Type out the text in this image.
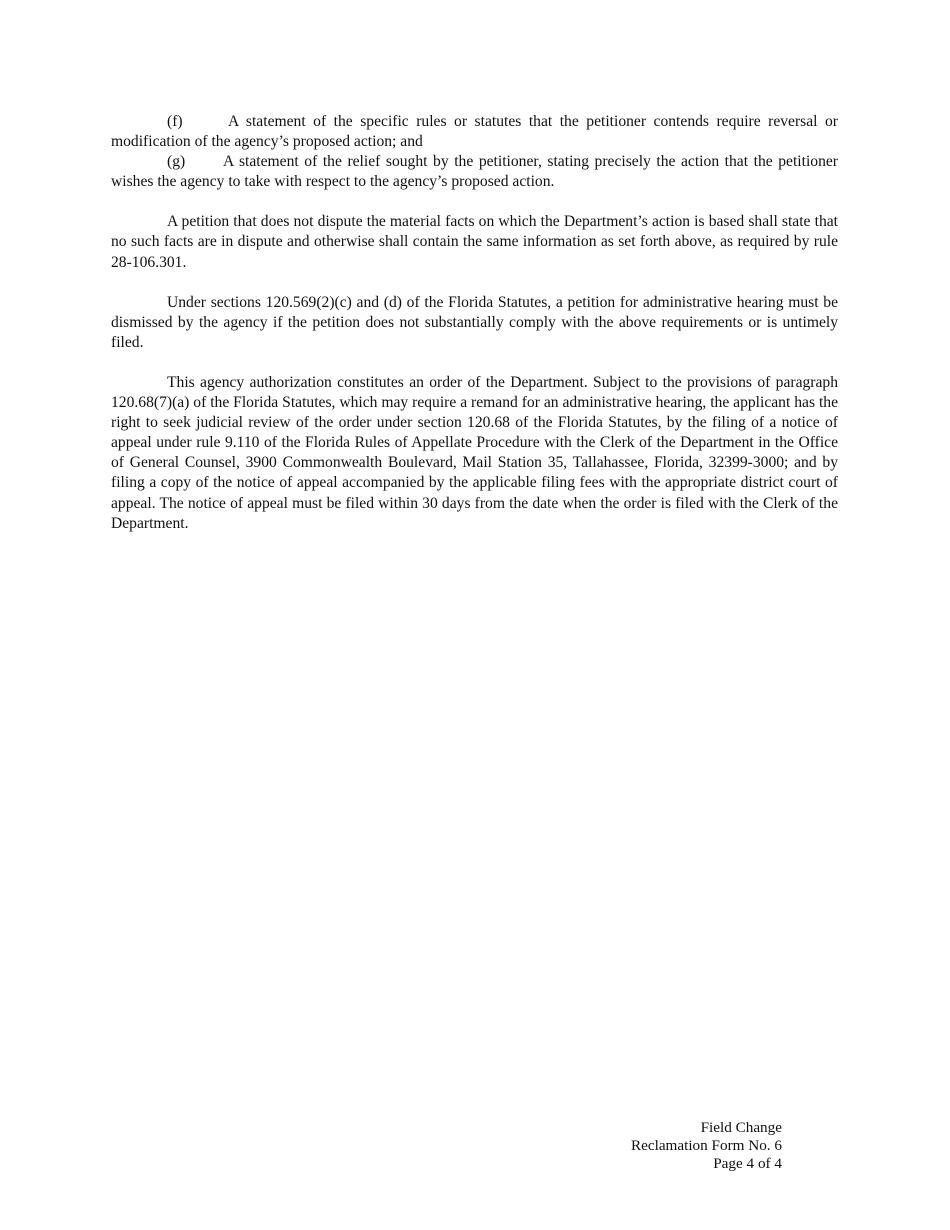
(f)	A statement of the specific rules or statutes that the petitioner contends require reversal or modification of the agency’s proposed action; and

(g) A statement of the relief sought by the petitioner, stating precisely the action that the petitioner wishes the agency to take with respect to the agency’s proposed action.

A petition that does not dispute the material facts on which the Department’s action is based shall state that no such facts are in dispute and otherwise shall contain the same information as set forth above, as required by rule 28-106.301.

Under sections 120.569(2)(c) and (d) of the Florida Statutes, a petition for administrative hearing must be dismissed by the agency if the petition does not substantially comply with the above requirements or is untimely filed.

This agency authorization constitutes an order of the Department. Subject to the provisions of paragraph 120.68(7)(a) of the Florida Statutes, which may require a remand for an administrative hearing, the applicant has the right to seek judicial review of the order under section 120.68 of the Florida Statutes, by the filing of a notice of appeal under rule 9.110 of the Florida Rules of Appellate Procedure with the Clerk of the Department in the Office of General Counsel, 3900 Commonwealth Boulevard, Mail Station 35, Tallahassee, Florida, 32399-3000; and by filing a copy of the notice of appeal accompanied by the applicable filing fees with the appropriate district court of appeal. The notice of appeal must be filed within 30 days from the date when the order is filed with the Clerk of the Department.

Field Change
Reclamation Form No. 6
Page 4 of 4
